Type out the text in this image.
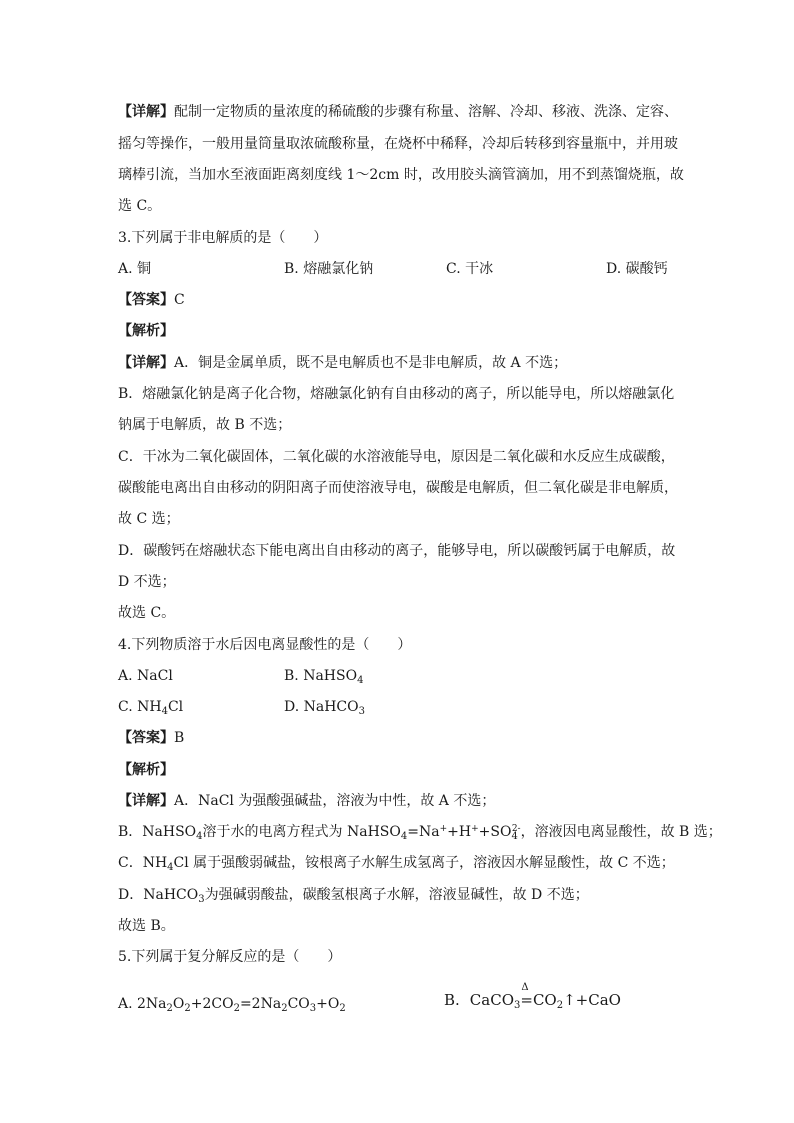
【详解】配制一定物质的量浓度的稀硫酸的步骤有称量、溶解、冷却、移液、洗涤、定容、
摇匀等操作，一般用量筒量取浓硫酸称量，在烧杯中稀释，冷却后转移到容量瓶中，并用玻
璃棒引流，当加水至液面距离刻度线 1～2cm 时，改用胶头滴管滴加，用不到蒸馏烧瓶，故
选 C。
3.下列属于非电解质的是（　　）
A. 铜	B. 熔融氯化钠	C. 干冰	D. 碳酸钙
【答案】C
【解析】
【详解】A．铜是金属单质，既不是电解质也不是非电解质，故 A 不选；
B．熔融氯化钠是离子化合物，熔融氯化钠有自由移动的离子，所以能导电，所以熔融氯化
钠属于电解质，故 B 不选；
C．干冰为二氧化碳固体，二氧化碳的水溶液能导电，原因是二氧化碳和水反应生成碳酸，
碳酸能电离出自由移动的阴阳离子而使溶液导电，碳酸是电解质，但二氧化碳是非电解质，
故 C 选；
D．碳酸钙在熔融状态下能电离出自由移动的离子，能够导电，所以碳酸钙属于电解质，故
D 不选；
故选 C。
4.下列物质溶于水后因电离显酸性的是（　　）
A. NaCl	B. NaHSO$_4$
C. $NH_4Cl$	D. NaHCO$_3$
【答案】B
【解析】
【详解】A．NaCl 为强酸强碱盐，溶液为中性，故 A 不选；
B．NaHSO$_4$溶于水的电离方程式为 $NaHSO_4=Na^++H^++SO_4^{2-}$，溶液因电离显酸性，故 B 选；
C．$NH_4Cl$ 属于强酸弱碱盐，铵根离子水解生成氢离子，溶液因水解显酸性，故 C 不选；
D．NaHCO$_3$为强碱弱酸盐，碳酸氢根离子水解，溶液显碱性，故 D 不选；
故选 B。
5.下列属于复分解反应的是（　　）
A. $2Na_2O_2+2CO_2=2Na_2CO_3+O_2$	B. CaCO$_3$
Δ
$=CO_2↑+CaO$
